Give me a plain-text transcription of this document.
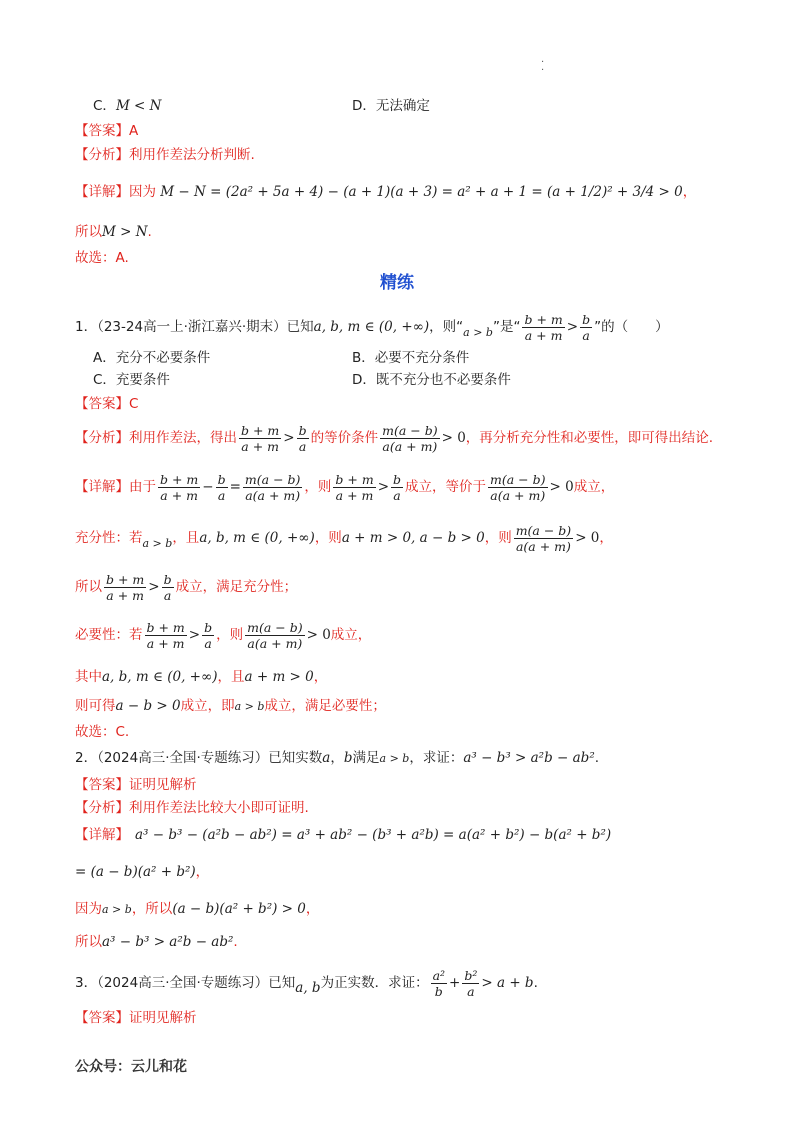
.
.
C．M < N	D．无法确定
【答案】A
【分析】利用作差法分析判断.
【详解】因为 M − N = (2a² + 5a + 4) − (a + 1)(a + 3) = a² + a + 1 = (a + 1/2)² + 3/4 > 0，
所以M > N.
故选：A.
精练
1．（23-24高一上·浙江嘉兴·期末）已知a, b, m ∈ (0, +∞)，则“$_{a > b}$”是“ $\frac{b + m}{a + m} > \frac{b}{a}$ ”的（　　）
A．充分不必要条件	B．必要不充分条件
C．充要条件	D．既不充分也不必要条件
【答案】C
【分析】利用作差法，得出 $\frac{b + m}{a + m} > \frac{b}{a}$ 的等价条件 $\frac{m(a - b)}{a(a + m)} > 0$，再分析充分性和必要性，即可得出结论.
【详解】由于 $\frac{b + m}{a + m} - \frac{b}{a} = \frac{m(a - b)}{a(a + m)}$ ，则 $\frac{b + m}{a + m} > \frac{b}{a}$ 成立，等价于 $\frac{m(a - b)}{a(a + m)} > 0$成立，
充分性：若$_{a > b}$，且a, b, m ∈ (0, +∞)，则a + m > 0, a − b > 0，则 $\frac{m(a - b)}{a(a + m)} > 0$，
所以 $\frac{b + m}{a + m} > \frac{b}{a}$ 成立，满足充分性；
必要性：若 $\frac{b + m}{a + m} > \frac{b}{a}$ ，则 $\frac{m(a - b)}{a(a + m)} > 0$成立，
其中a, b, m ∈ (0, +∞)，且a + m > 0，
则可得a − b > 0成立，即a > b成立，满足必要性；
故选：C.
2．（2024高三·全国·专题练习）已知实数a，b满足a > b，求证：a³ − b³ > a²b − ab².
【答案】证明见解析
【分析】利用作差法比较大小即可证明.
【详解】 a³ − b³ − (a²b − ab²) = a³ + ab² − (b³ + a²b) = a(a² + b²) − b(a² + b²)
= (a − b)(a² + b²)，
因为a > b，所以(a − b)(a² + b²) > 0，
所以a³ − b³ > a²b − ab².
3．（2024高三·全国·专题练习）已知a, b为正实数．求证： $\frac{\text{a²}}{b} + \frac{\text{b²}}{a} > a + b$.
【答案】证明见解析
公众号：云儿和花
